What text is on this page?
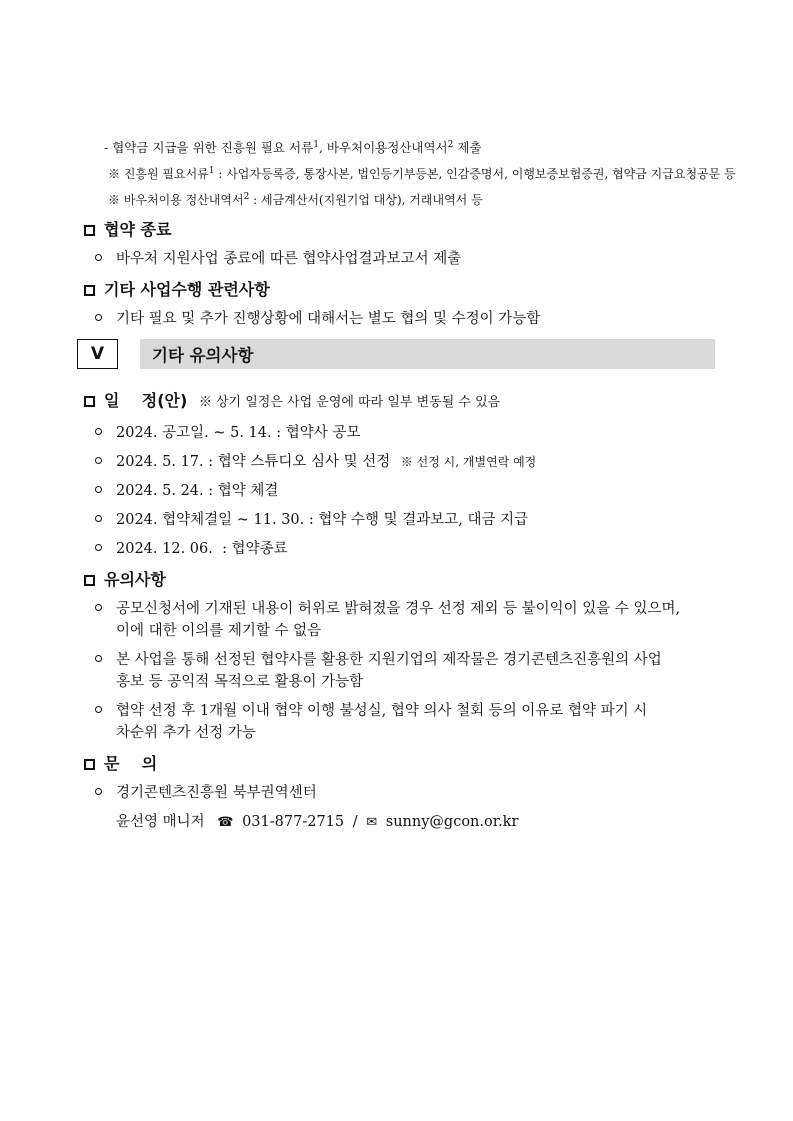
- 협약금 지급을 위한 진흥원 필요 서류$^1$, 바우처이용정산내역서$^2$ 제출
※ 진흥원 필요서류$^1$ : 사업자등록증, 통장사본, 법인등기부등본, 인감증명서, 이행보증보험증권, 협약금 지급요청공문 등
※ 바우처이용 정산내역서$^2$ : 세금계산서(지원기업 대상), 거래내역서 등
협약 종료
바우처 지원사업 종료에 따른 협약사업결과보고서 제출
기타 사업수행 관련사항
기타 필요 및 추가 진행상황에 대해서는 별도 협의 및 수정이 가능함
Ⅴ	기타 유의사항
일    정(안) ※ 상기 일정은 사업 운영에 따라 일부 변동될 수 있음
2024. 공고일. ~ 5. 14. : 협약사 공모
2024. 5. 17. : 협약 스튜디오 심사 및 선정 ※ 선정 시, 개별연락 예정
2024. 5. 24. : 협약 체결
2024. 협약체결일 ~ 11. 30. : 협약 수행 및 결과보고, 대금 지급
2024. 12. 06.  : 협약종료
유의사항
공모신청서에 기재된 내용이 허위로 밝혀졌을 경우 선정 제외 등 불이익이 있을 수 있으며,
이에 대한 이의를 제기할 수 없음
본 사업을 통해 선정된 협약사를 활용한 지원기업의 제작물은 경기콘텐츠진흥원의 사업
홍보 등 공익적 목적으로 활용이 가능함
협약 선정 후 1개월 이내 협약 이행 불성실, 협약 의사 철회 등의 이유로 협약 파기 시
차순위 추가 선정 가능
문    의
경기콘텐츠진흥원 북부권역센터
윤선영 매니저 ☎ 031-877-2715 / ✉ sunny@gcon.or.kr
